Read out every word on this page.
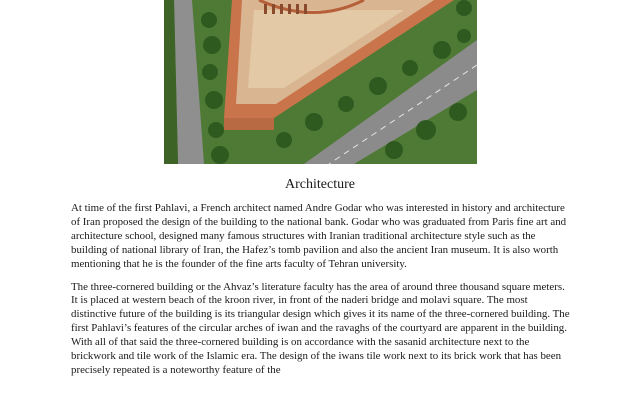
Architecture

At time of the first Pahlavi, a French architect named Andre Godar who was interested in history and architecture of Iran proposed the design of the building to the national bank. Godar who was graduated from Paris fine art and architecture school, designed many famous structures with Iranian traditional architecture style such as the building of national library of Iran, the Hafez’s tomb pavilion and also the ancient Iran museum. It is also worth mentioning that he is the founder of the fine arts faculty of Tehran university.

The three-cornered building or the Ahvaz’s literature faculty has the area of around three thousand square meters. It is placed at western beach of the kroon river, in front of the naderi bridge and molavi square. The most distinctive future of the building is its triangular design which gives it its name of the three-cornered building. The first Pahlavi’s features of the circular arches of iwan and the ravaghs of the courtyard are apparent in the building. With all of that said the three-cornered building is on accordance with the sasanid architecture next to the brickwork and tile work of the Islamic era. The design of the iwans tile work next to its brick work that has been precisely repeated is a noteworthy feature of the
